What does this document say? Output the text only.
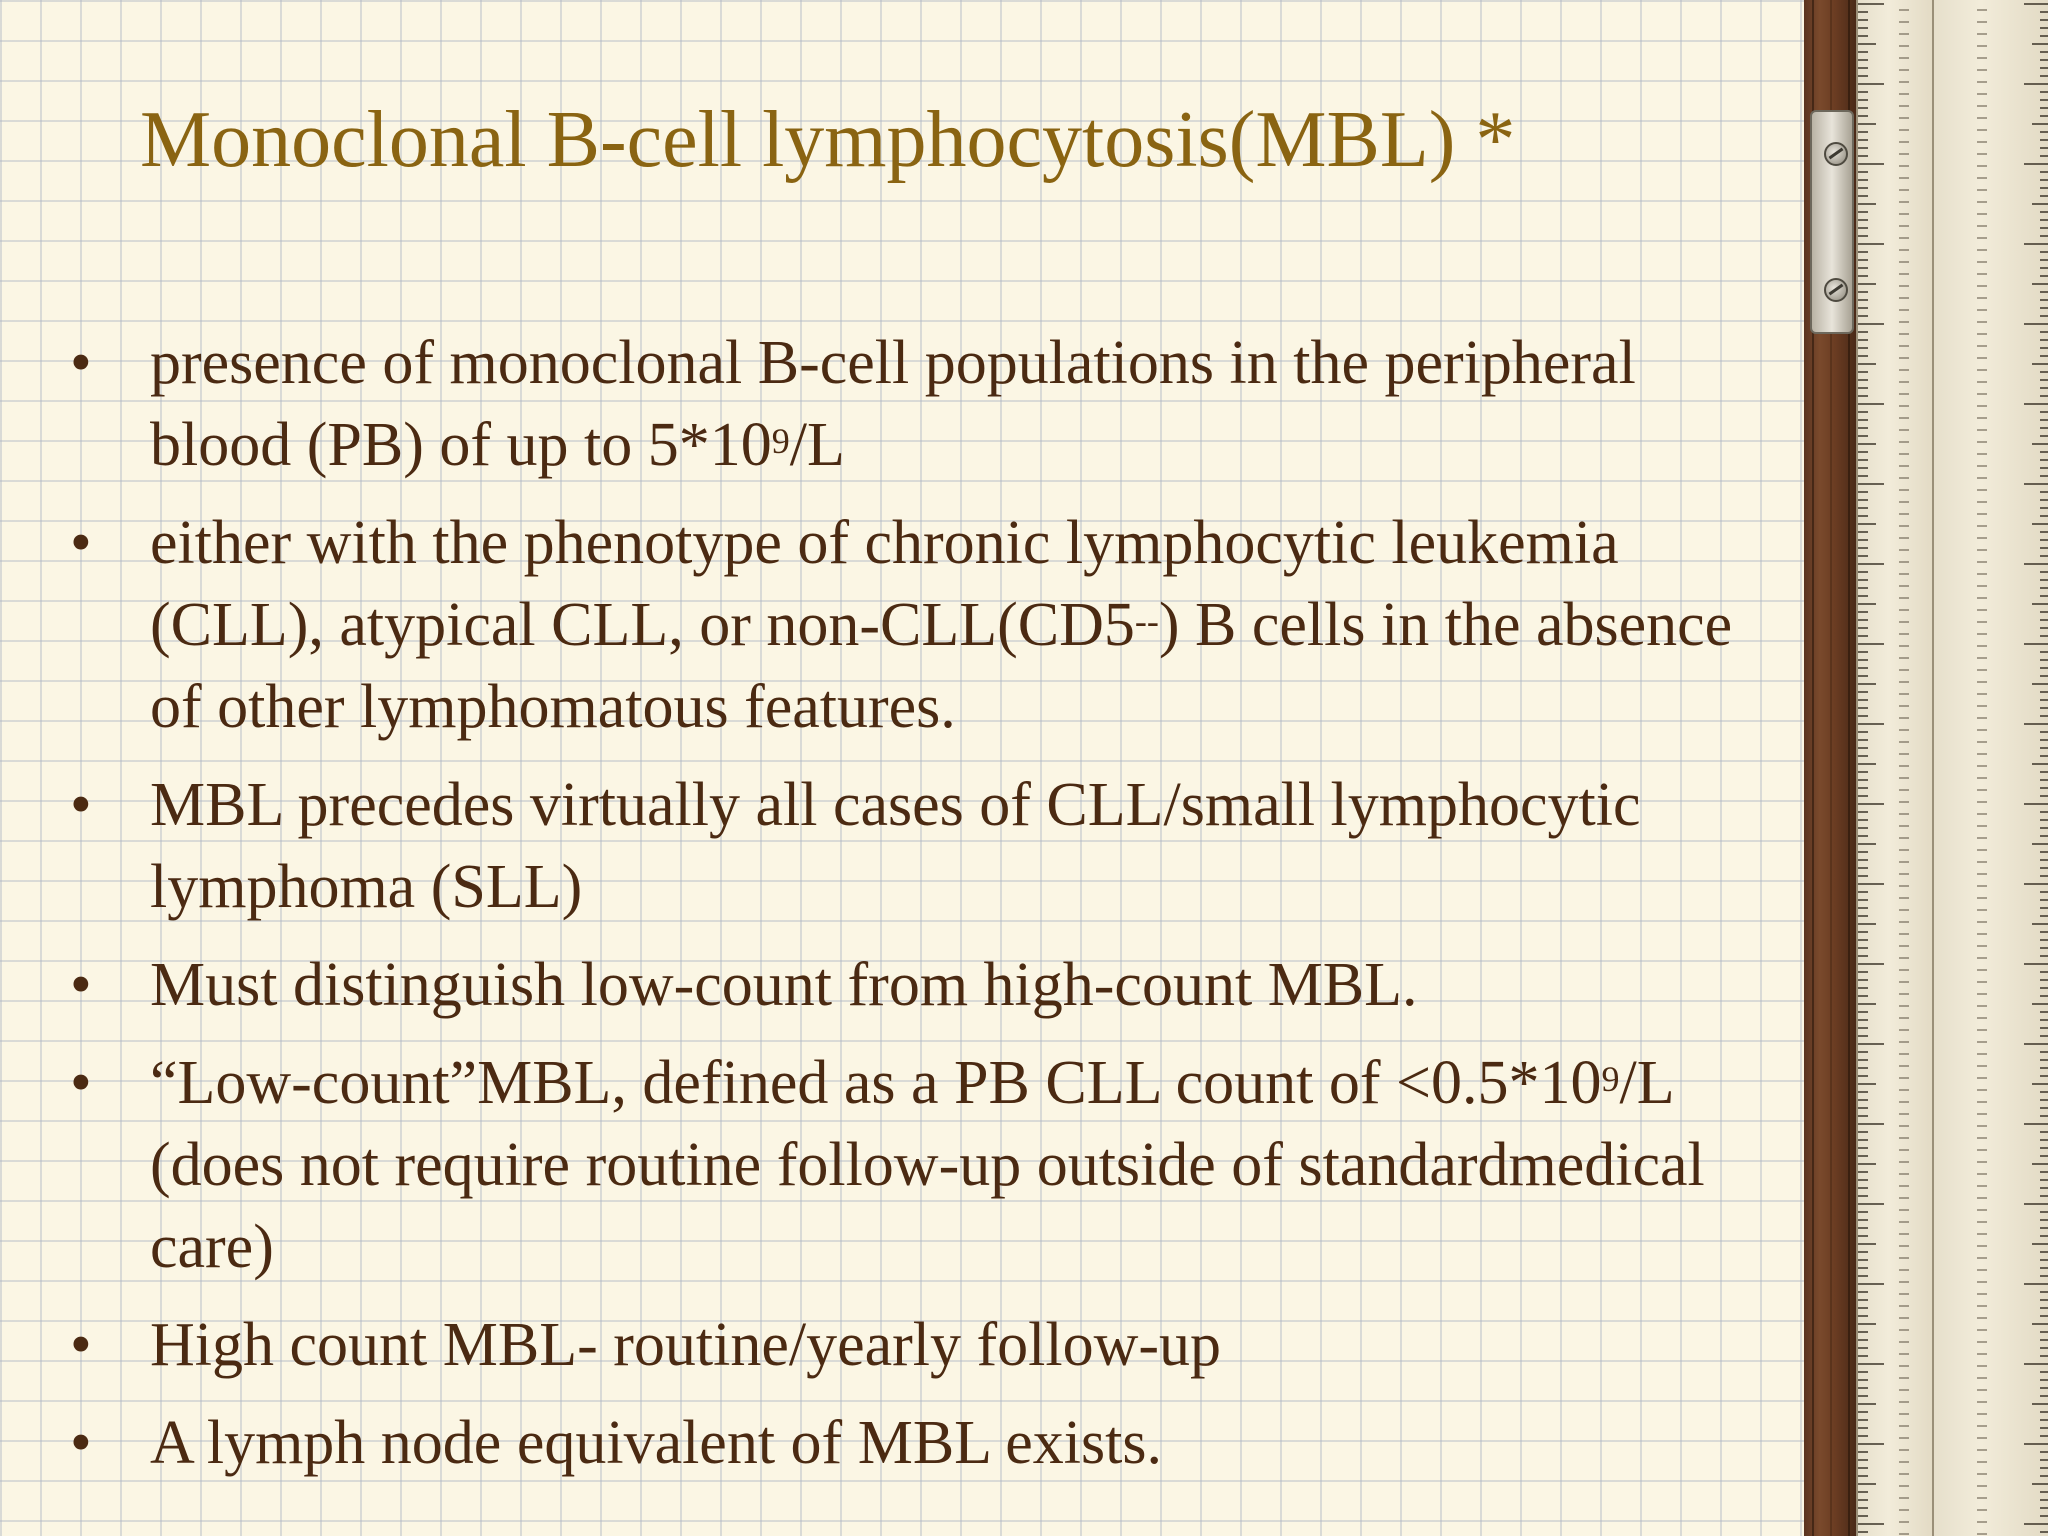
Monoclonal B-cell lymphocytosis(MBL) *
• presence of monoclonal B-cell populations in the peripheral blood (PB) of up to $5*10^9/L$
• either with the phenotype of chronic lymphocytic leukemia (CLL), atypical CLL, or non-CLL(CD5--) B cells in the absence of other lymphomatous features.
• MBL precedes virtually all cases of CLL/small lymphocytic lymphoma (SLL)
• Must distinguish low-count from high-count MBL.
• “Low-count”MBL, defined as a PB CLL count of $<0.5*10^9/L$ (does not require routine follow-up outside of standardmedical care)
• High count MBL- routine/yearly follow-up
• A lymph node equivalent of MBL exists.
